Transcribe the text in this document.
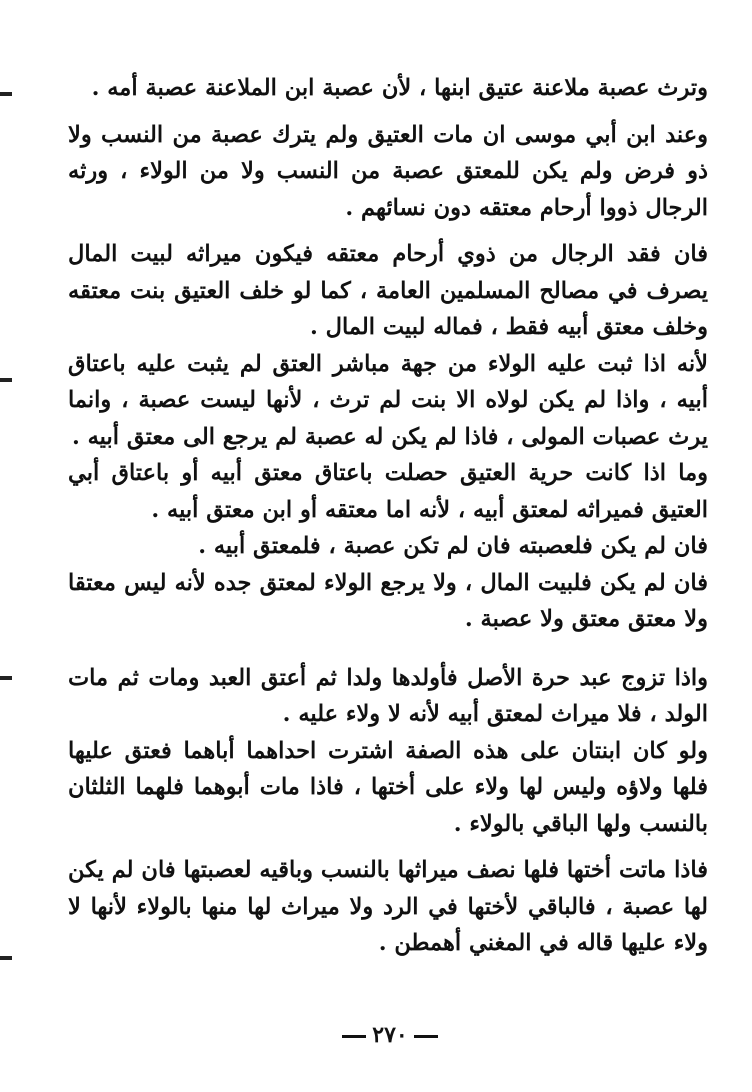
وترث عصبة ملاعنة عتيق ابنها ، لأن عصبة ابن الملاعنة عصبة أمه .

وعند ابن أبي موسى ان مات العتيق ولم يترك عصبة من النسب ولا ذو فرض ولم يكن للمعتق عصبة من النسب ولا من الولاء ، ورثه الرجال ذووا أرحام معتقه دون نسائهم .

فان فقد الرجال من ذوي أرحام معتقه فيكون ميراثه لبيت المال يصرف في مصالح المسلمين العامة ، كما لو خلف العتيق بنت معتقه وخلف معتق أبيه فقط ، فماله لبيت المال .

لأنه اذا ثبت عليه الولاء من جهة مباشر العتق لم يثبت عليه باعتاق أبيه ، واذا لم يكن لولاه الا بنت لم ترث ، لأنها ليست عصبة ، وانما يرث عصبات المولى ، فاذا لم يكن له عصبة لم يرجع الى معتق أبيه .

وما اذا كانت حرية العتيق حصلت باعتاق معتق أبيه أو باعتاق أبي العتيق فميراثه لمعتق أبيه ، لأنه اما معتقه أو ابن معتق أبيه .

فان لم يكن فلعصبته فان لم تكن عصبة ، فلمعتق أبيه .

فان لم يكن فلبيت المال ، ولا يرجع الولاء لمعتق جده لأنه ليس معتقا ولا معتق معتق ولا عصبة .

واذا تزوج عبد حرة الأصل فأولدها ولدا ثم أعتق العبد ومات ثم مات الولد ، فلا ميراث لمعتق أبيه لأنه لا ولاء عليه .

ولو كان ابنتان على هذه الصفة اشترت احداهما أباهما فعتق عليها فلها ولاؤه وليس لها ولاء على أختها ، فاذا مات أبوهما فلهما الثلثان بالنسب ولها الباقي بالولاء .

فاذا ماتت أختها فلها نصف ميراثها بالنسب وباقيه لعصبتها فان لم يكن لها عصبة ، فالباقي لأختها في الرد ولا ميراث لها منها بالولاء لأنها لا ولاء عليها قاله في المغني أهمطن .

٢٧٠
